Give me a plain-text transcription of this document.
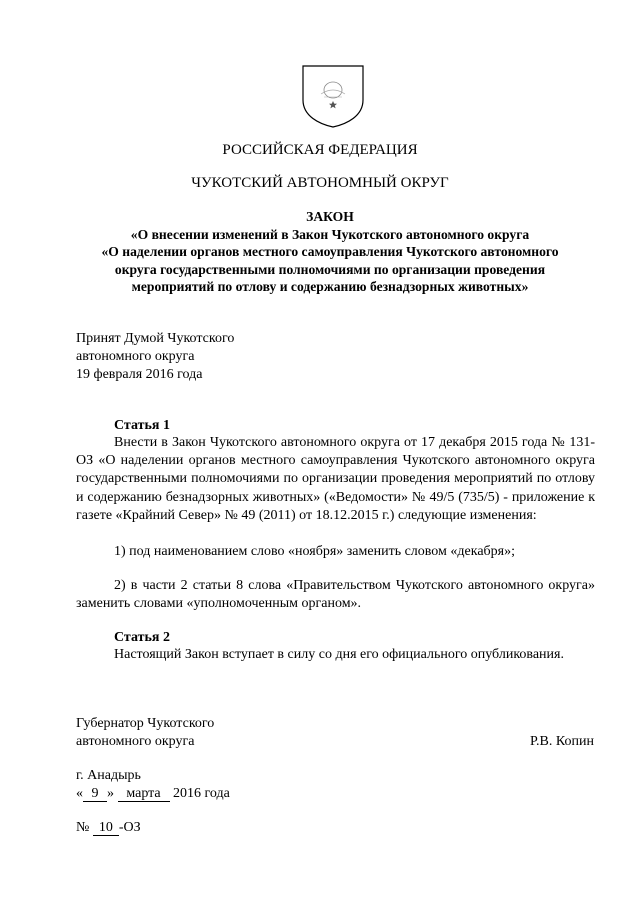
РОССИЙСКАЯ ФЕДЕРАЦИЯ
ЧУКОТСКИЙ АВТОНОМНЫЙ ОКРУГ
ЗАКОН
«О внесении изменений в Закон Чукотского автономного округа
«О наделении органов местного самоуправления Чукотского автономного
округа государственными полномочиями по организации проведения
мероприятий по отлову и содержанию безнадзорных животных»
Принят Думой Чукотского
автономного округа
19 февраля 2016 года
Статья 1
Внести в Закон Чукотского автономного округа от 17 декабря 2015 года № 131-ОЗ «О наделении органов местного самоуправления Чукотского автономного округа государственными полномочиями по организации проведения мероприятий по отлову и содержанию безнадзорных животных» («Ведомости» № 49/5 (735/5) - приложение к газете «Крайний Север» № 49 (2011) от 18.12.2015 г.) следующие изменения:
1) под наименованием слово «ноября» заменить словом «декабря»;
2) в части 2 статьи 8 слова «Правительством Чукотского автономного округа» заменить словами «уполномоченным органом».
Статья 2
Настоящий Закон вступает в силу со дня его официального опубликования.
Губернатор Чукотского
автономного округа	Р.В. Копин
г. Анадырь
« 9 » марта 2016 года
№ 10 -ОЗ
